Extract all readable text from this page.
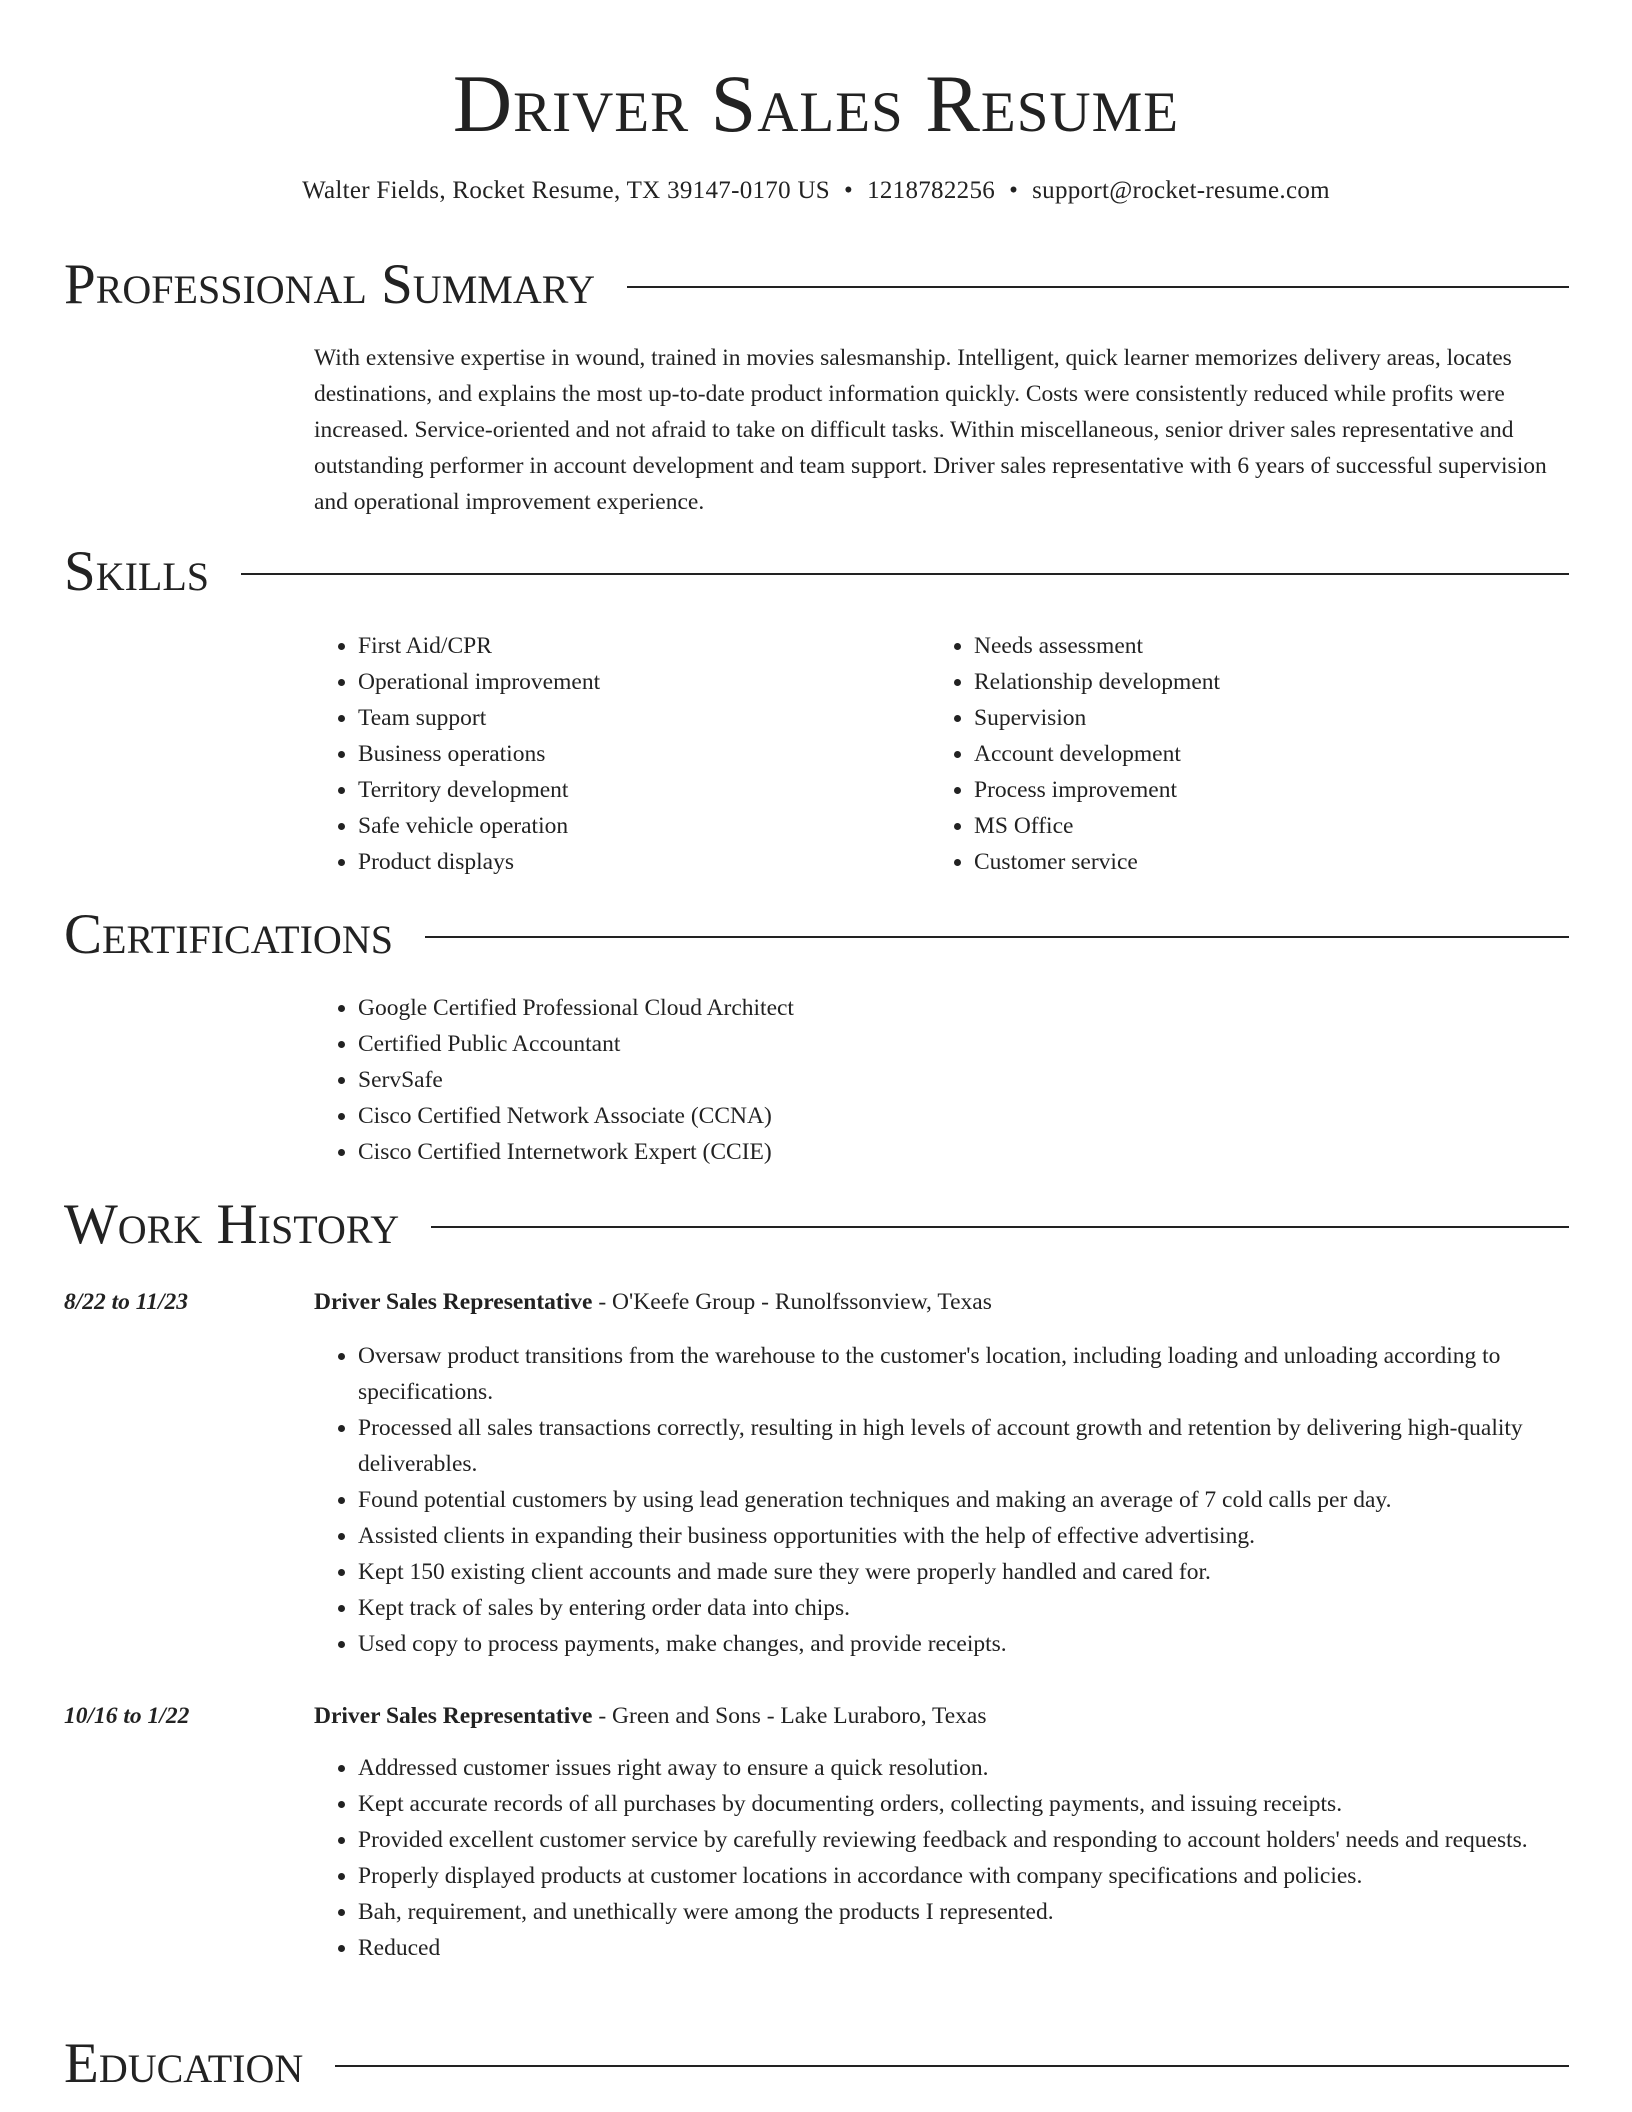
Driver Sales Resume
Walter Fields, Rocket Resume, TX 39147-0170 US • 1218782256 • support@rocket-resume.com
Professional Summary

With extensive expertise in wound, trained in movies salesmanship. Intelligent, quick learner memorizes delivery areas, locates destinations, and explains the most up-to-date product information quickly. Costs were consistently reduced while profits were increased. Service-oriented and not afraid to take on difficult tasks. Within miscellaneous, senior driver sales representative and outstanding performer in account development and team support. Driver sales representative with 6 years of successful supervision and operational improvement experience.

Skills
• First Aid/CPR
• Operational improvement
• Team support
• Business operations
• Territory development
• Safe vehicle operation
• Product displays
• Needs assessment
• Relationship development
• Supervision
• Account development
• Process improvement
• MS Office
• Customer service
Certifications
• Google Certified Professional Cloud Architect
• Certified Public Accountant
• ServSafe
• Cisco Certified Network Associate (CCNA)
• Cisco Certified Internetwork Expert (CCIE)
Work History
8/22 to 11/23	Driver Sales Representative - O'Keefe Group - Runolfssonview, Texas
• Oversaw product transitions from the warehouse to the customer's location, including loading and unloading according to specifications.
• Processed all sales transactions correctly, resulting in high levels of account growth and retention by delivering high-quality deliverables.
• Found potential customers by using lead generation techniques and making an average of 7 cold calls per day.
• Assisted clients in expanding their business opportunities with the help of effective advertising.
• Kept 150 existing client accounts and made sure they were properly handled and cared for.
• Kept track of sales by entering order data into chips.
• Used copy to process payments, make changes, and provide receipts.
10/16 to 1/22	Driver Sales Representative - Green and Sons - Lake Luraboro, Texas
• Addressed customer issues right away to ensure a quick resolution.
• Kept accurate records of all purchases by documenting orders, collecting payments, and issuing receipts.
• Provided excellent customer service by carefully reviewing feedback and responding to account holders' needs and requests.
• Properly displayed products at customer locations in accordance with company specifications and policies.
• Bah, requirement, and unethically were among the products I represented.
• Reduced
Education
